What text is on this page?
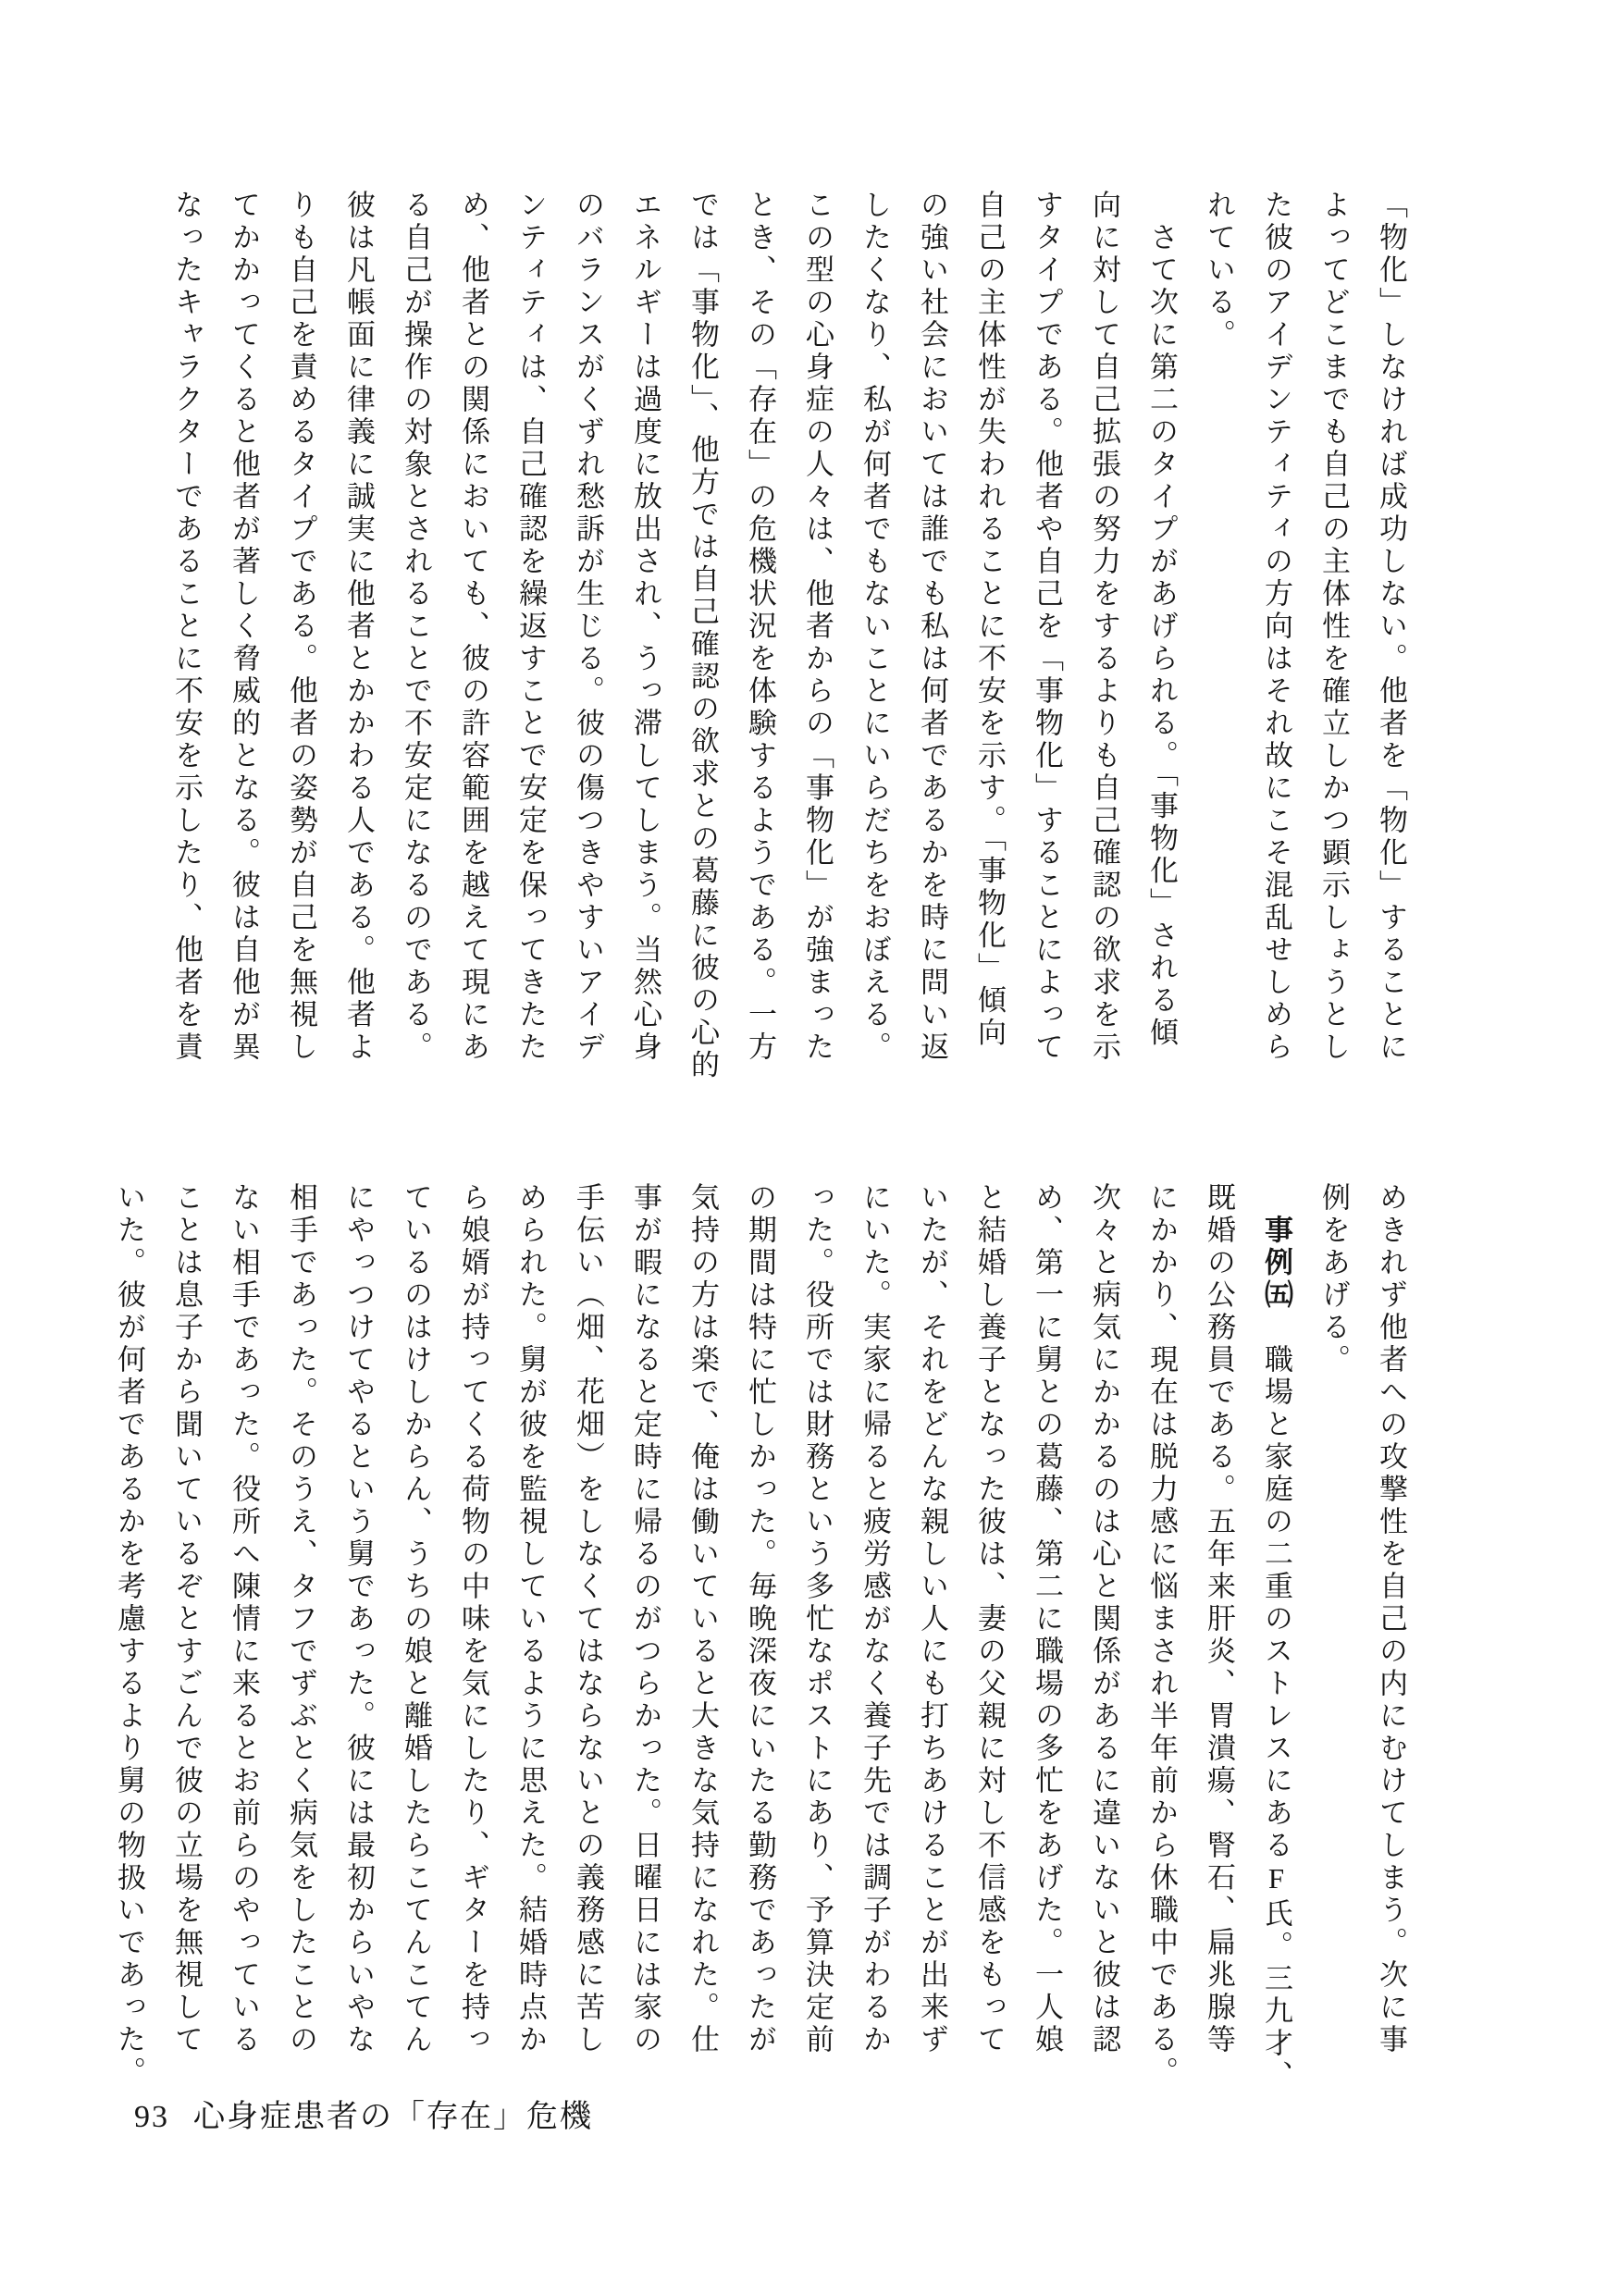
「物化」しなければ成功しない。他者を「物化」することに

よってどこまでも自己の主体性を確立しかつ顕示しょうとし

た彼のアイデンティティの方向はそれ故にこそ混乱せしめら

れている。

　さて次に第二のタイプがあげられる。「事物化」される傾

向に対して自己拡張の努力をするよりも自己確認の欲求を示

すタイプである。他者や自己を「事物化」することによって

自己の主体性が失われることに不安を示す。「事物化」傾向

の強い社会においては誰でも私は何者であるかを時に問い返

したくなり、私が何者でもないことにいらだちをおぼえる。

この型の心身症の人々は、他者からの「事物化」が強まった

とき、その「存在」の危機状況を体験するようである。一方

では「事物化」、他方では自己確認の欲求との葛藤に彼の心的

エネルギーは過度に放出され、うっ滞してしまう。当然心身

のバランスがくずれ愁訴が生じる。彼の傷つきやすいアイデ

ンティティは、自己確認を繰返すことで安定を保ってきたた

め、他者との関係においても、彼の許容範囲を越えて現にあ

る自己が操作の対象とされることで不安定になるのである。

彼は凡帳面に律義に誠実に他者とかかわる人である。他者よ

りも自己を責めるタイプである。他者の姿勢が自己を無視し

てかかってくると他者が著しく脅威的となる。彼は自他が異

なったキャラクターであることに不安を示したり、他者を責

めきれず他者への攻撃性を自己の内にむけてしまう。次に事

例をあげる。

　事例㈤　職場と家庭の二重のストレスにあるF氏。三九才、

既婚の公務員である。五年来肝炎、胃潰瘍、腎石、扁兆腺等

にかかり、現在は脱力感に悩まされ半年前から休職中である。

次々と病気にかかるのは心と関係があるに違いないと彼は認

め、第一に舅との葛藤、第二に職場の多忙をあげた。一人娘

と結婚し養子となった彼は、妻の父親に対し不信感をもって

いたが、それをどんな親しい人にも打ちあけることが出来ず

にいた。実家に帰ると疲労感がなく養子先では調子がわるか

った。役所では財務という多忙なポストにあり、予算決定前

の期間は特に忙しかった。毎晩深夜にいたる勤務であったが

気持の方は楽で、俺は働いていると大きな気持になれた。仕

事が暇になると定時に帰るのがつらかった。日曜日には家の

手伝い（畑、花畑）をしなくてはならないとの義務感に苦し

められた。舅が彼を監視しているように思えた。結婚時点か

ら娘婿が持ってくる荷物の中味を気にしたり、ギターを持っ

ているのはけしからん、うちの娘と離婚したらこてんこてん

にやっつけてやるという舅であった。彼には最初からいやな

相手であった。そのうえ、タフでずぶとく病気をしたことの

ない相手であった。役所へ陳情に来るとお前らのやっている

ことは息子から聞いているぞとすごんで彼の立場を無視して

いた。彼が何者であるかを考慮するより舅の物扱いであった。

93 心身症患者の「存在」危機
